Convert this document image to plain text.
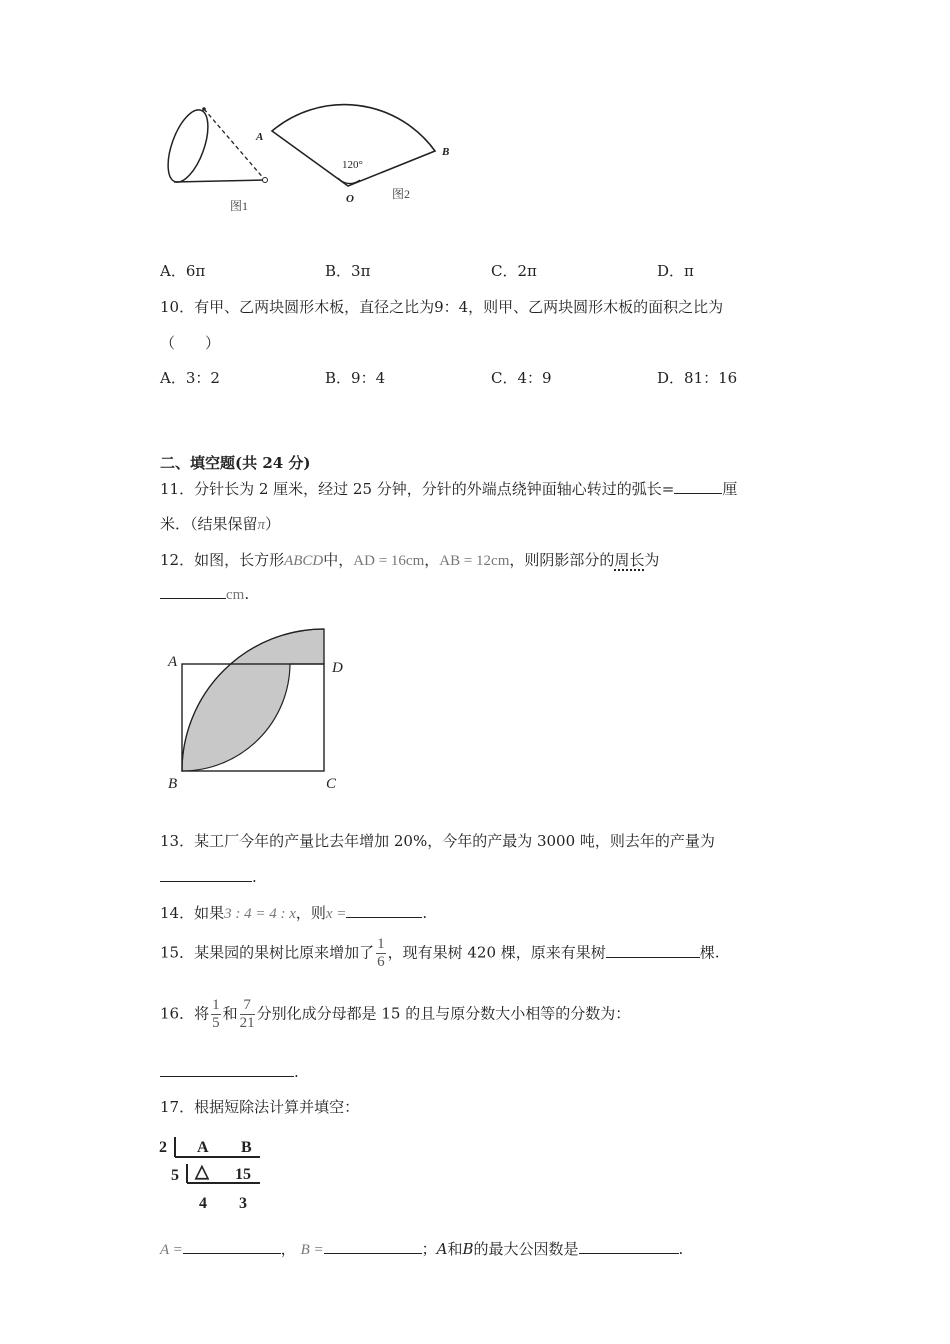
图1
A
B
O
120°
图2
A．6π	B．3π	C．2π	D．π
10．有甲、乙两块圆形木板，直径之比为9：4，则甲、乙两块圆形木板的面积之比为
（　　）
A．3：2	B．9：4	C．4：9	D．81：16
二、填空题(共 24 分)
11．分针长为 2 厘米，经过 25 分钟，分针的外端点绕钟面轴心转过的弧长=	厘
米．（结果保留π）
12．如图，长方形ABCD中，AD = 16cm，AB = 12cm，则阴影部分的周长为
cm.
A	D
B	C
13．某工厂今年的产量比去年增加 20%，今年的产最为 3000 吨，则去年的产量为
.
14．如果3 : 4 = 4 : x，则x =	.
15．某果园的果树比原来增加了 $\frac{1}{6}$ ，现有果树 420 棵，原来有果树	棵.
16．将 $\frac{1}{5}$ 和 $\frac{7}{21}$ 分别化成分母都是 15 的且与原分数大小相等的分数为：
.
17．根据短除法计算并填空：
2 A B
5 △ 15
4 3
A =	， B =	；A和B的最大公因数是	.
